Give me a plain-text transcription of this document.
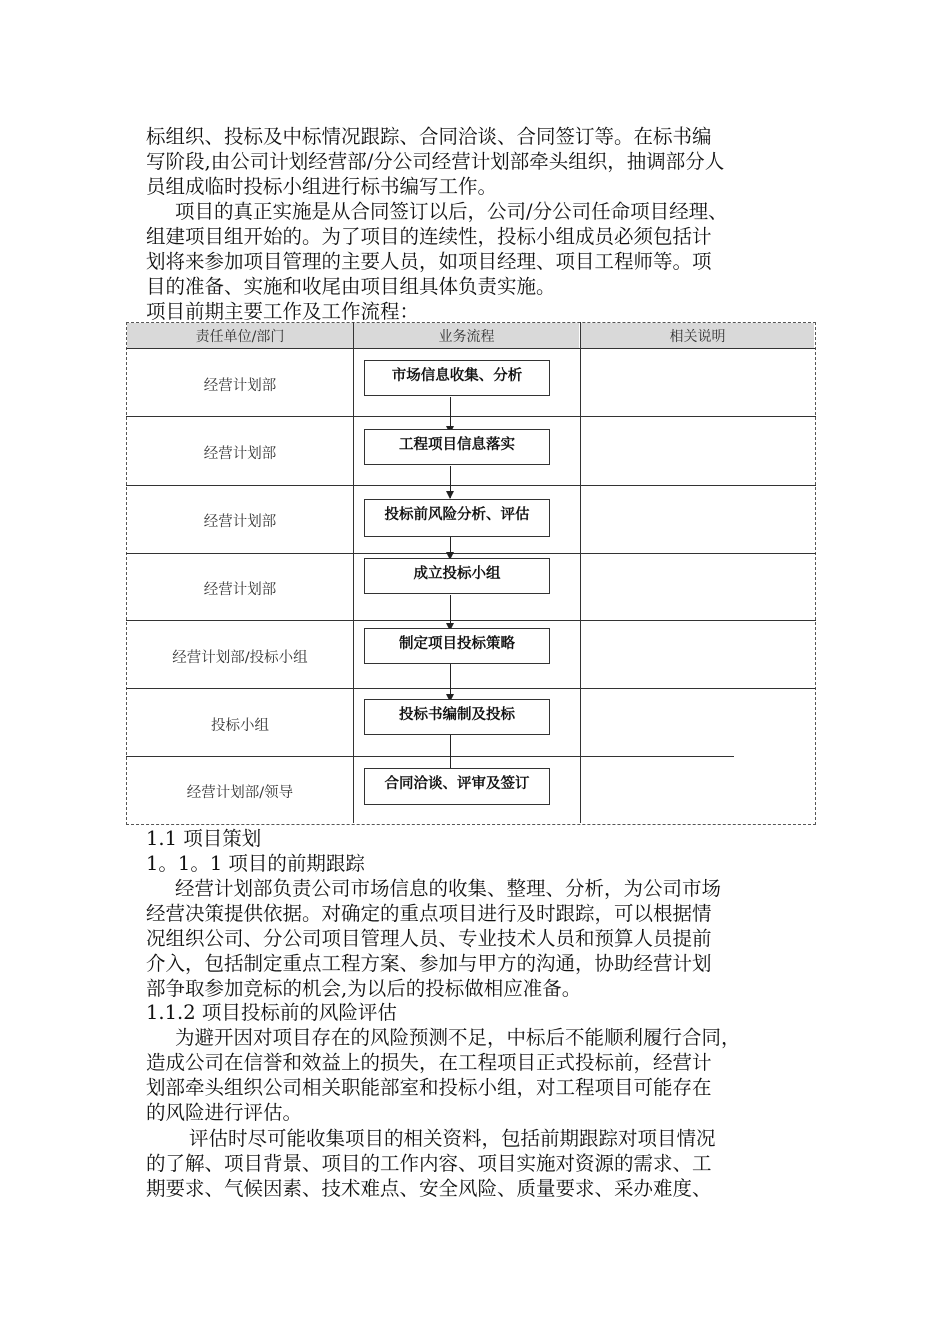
标组织、投标及中标情况跟踪、合同洽谈、合同签订等。在标书编
写阶段,由公司计划经营部/分公司经营计划部牵头组织，抽调部分人
员组成临时投标小组进行标书编写工作。
项目的真正实施是从合同签订以后，公司/分公司任命项目经理、
组建项目组开始的。为了项目的连续性，投标小组成员必须包括计
划将来参加项目管理的主要人员，如项目经理、项目工程师等。项
目的准备、实施和收尾由项目组具体负责实施。
项目前期主要工作及工作流程：
责任单位/部门	业务流程	相关说明
经营计划部
经营计划部
经营计划部
经营计划部
经营计划部/投标小组
投标小组
经营计划部/领导
市场信息收集、分析
工程项目信息落实
投标前风险分析、评估
成立投标小组
制定项目投标策略
投标书编制及投标
合同洽谈、评审及签订
1.1 项目策划
1。1。1 项目的前期跟踪
经营计划部负责公司市场信息的收集、整理、分析，为公司市场
经营决策提供依据。对确定的重点项目进行及时跟踪，可以根据情
况组织公司、分公司项目管理人员、专业技术人员和预算人员提前
介入，包括制定重点工程方案、参加与甲方的沟通，协助经营计划
部争取参加竞标的机会,为以后的投标做相应准备。
1.1.2 项目投标前的风险评估
为避开因对项目存在的风险预测不足，中标后不能顺利履行合同，
造成公司在信誉和效益上的损失，在工程项目正式投标前，经营计
划部牵头组织公司相关职能部室和投标小组，对工程项目可能存在
的风险进行评估。
评估时尽可能收集项目的相关资料，包括前期跟踪对项目情况
的了解、项目背景、项目的工作内容、项目实施对资源的需求、工
期要求、气候因素、技术难点、安全风险、质量要求、采办难度、
